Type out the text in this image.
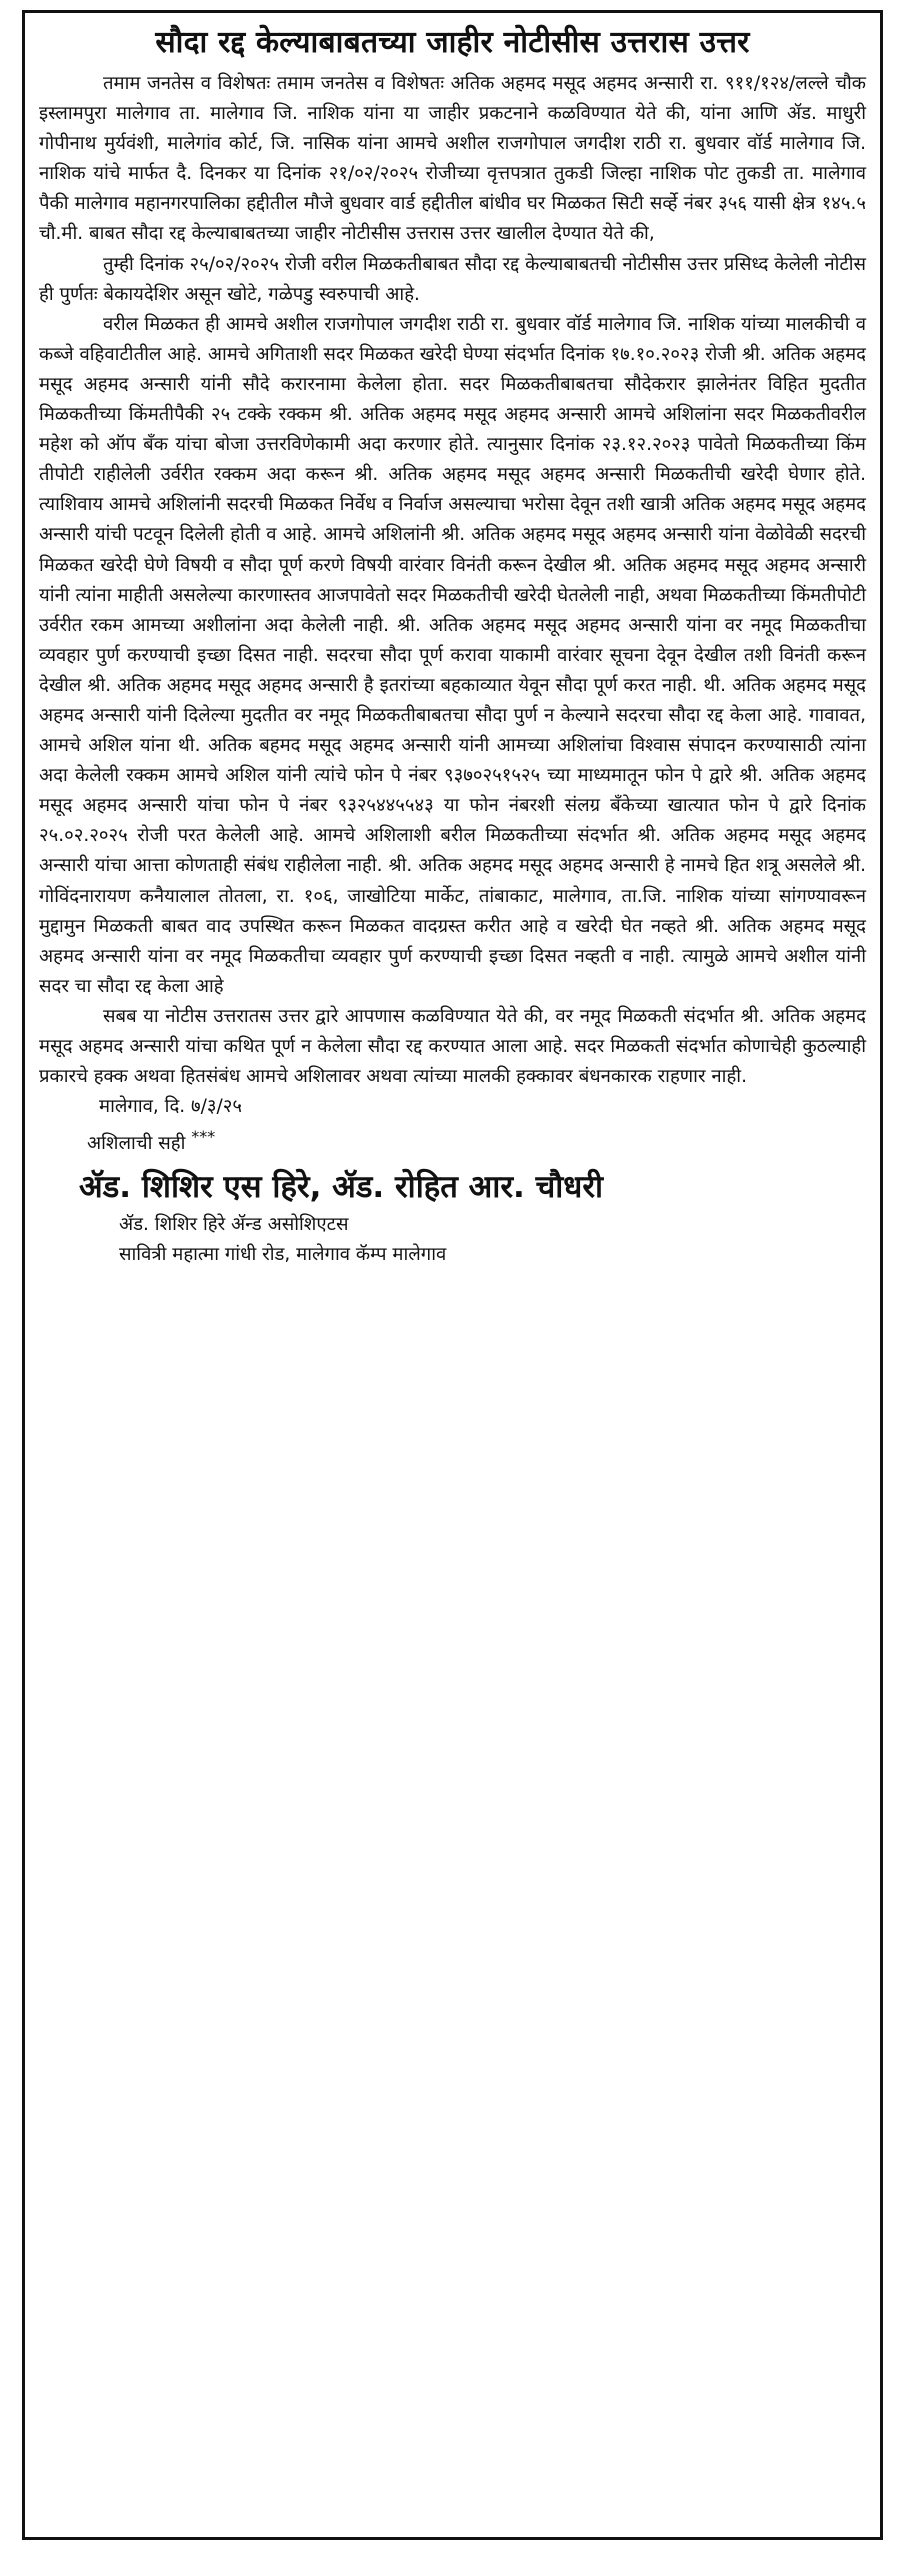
सौदा रद्द केल्याबाबतच्या जाहीर नोटीसीस उत्तरास उत्तर

तमाम जनतेस व विशेषतः तमाम जनतेस व विशेषतः अतिक अहमद मसूद अहमद अन्सारी रा. ९११/१२४/लल्ले चौक इस्लामपुरा मालेगाव ता. मालेगाव जि. नाशिक यांना या जाहीर प्रकटनाने कळविण्यात येते की, यांना आणि ॲड. माधुरी गोपीनाथ मुर्यवंशी, मालेगांव कोर्ट, जि. नासिक यांना आमचे अशील राजगोपाल जगदीश राठी रा. बुधवार वॉर्ड मालेगाव जि. नाशिक यांचे मार्फत दै. दिनकर या दिनांक २१/०२/२०२५ रोजीच्या वृत्तपत्रात तुकडी जिल्हा नाशिक पोट तुकडी ता. मालेगाव पैकी मालेगाव महानगरपालिका हद्दीतील मौजे बुधवार वार्ड हद्दीतील बांधीव घर मिळकत सिटी सर्व्हे नंबर ३५६ यासी क्षेत्र १४५.५ चौ.मी. बाबत सौदा रद्द केल्याबाबतच्या जाहीर नोटीसीस उत्तरास उत्तर खालील देण्यात येते की,

तुम्ही दिनांक २५/०२/२०२५ रोजी वरील मिळकतीबाबत सौदा रद्द केल्याबाबतची नोटीसीस उत्तर प्रसिध्द केलेली नोटीस ही पुर्णतः बेकायदेशिर असून खोटे, गळेपडु स्वरुपाची आहे.

वरील मिळकत ही आमचे अशील राजगोपाल जगदीश राठी रा. बुधवार वॉर्ड मालेगाव जि. नाशिक यांच्या मालकीची व कब्जे वहिवाटीतील आहे. आमचे अगिताशी सदर मिळकत खरेदी घेण्या संदर्भात दिनांक १७.१०.२०२३ रोजी श्री. अतिक अहमद मसूद अहमद अन्सारी यांनी सौदे करारनामा केलेला होता. सदर मिळकतीबाबतचा सौदेकरार झालेनंतर विहित मुदतीत मिळकतीच्या किंमतीपैकी २५ टक्के रक्कम श्री. अतिक अहमद मसूद अहमद अन्सारी आमचे अशिलांना सदर मिळकतीवरील महेश को ऑप बँक यांचा बोजा उत्तरविणेकामी अदा करणार होते. त्यानुसार दिनांक २३.१२.२०२३ पावेतो मिळकतीच्या किंम तीपोटी राहीलेली उर्वरीत रक्कम अदा करून श्री. अतिक अहमद मसूद अहमद अन्सारी मिळकतीची खरेदी घेणार होते. त्याशिवाय आमचे अशिलांनी सदरची मिळकत निर्वेध व निर्वाज असल्याचा भरोसा देवून तशी खात्री अतिक अहमद मसूद अहमद अन्सारी यांची पटवून दिलेली होती व आहे. आमचे अशिलांनी श्री. अतिक अहमद मसूद अहमद अन्सारी यांना वेळोवेळी सदरची मिळकत खरेदी घेणे विषयी व सौदा पूर्ण करणे विषयी वारंवार विनंती करून देखील श्री. अतिक अहमद मसूद अहमद अन्सारी यांनी त्यांना माहीती असलेल्या कारणास्तव आजपावेतो सदर मिळकतीची खरेदी घेतलेली नाही, अथवा मिळकतीच्या किंमतीपोटी उर्वरीत रकम आमच्या अशीलांना अदा केलेली नाही. श्री. अतिक अहमद मसूद अहमद अन्सारी यांना वर नमूद मिळकतीचा व्यवहार पुर्ण करण्याची इच्छा दिसत नाही. सदरचा सौदा पूर्ण करावा याकामी वारंवार सूचना देवून देखील तशी विनंती करून देखील श्री. अतिक अहमद मसूद अहमद अन्सारी है इतरांच्या बहकाव्यात येवून सौदा पूर्ण करत नाही. थी. अतिक अहमद मसूद अहमद अन्सारी यांनी दिलेल्या मुदतीत वर नमूद मिळकतीबाबतचा सौदा पुर्ण न केल्याने सदरचा सौदा रद्द केला आहे. गावावत, आमचे अशिल यांना थी. अतिक बहमद मसूद अहमद अन्सारी यांनी आमच्या अशिलांचा विश्वास संपादन करण्यासाठी त्यांना अदा केलेली रक्कम आमचे अशिल यांनी त्यांचे फोन पे नंबर ९३७०२५१५२५ च्या माध्यमातून फोन पे द्वारे श्री. अतिक अहमद मसूद अहमद अन्सारी यांचा फोन पे नंबर ९३२५४४५५४३ या फोन नंबरशी संलग्र बँकेच्या खात्यात फोन पे द्वारे दिनांक २५.०२.२०२५ रोजी परत केलेली आहे. आमचे अशिलाशी बरील मिळकतीच्या संदर्भात श्री. अतिक अहमद मसूद अहमद अन्सारी यांचा आत्ता कोणताही संबंध राहीलेला नाही. श्री. अतिक अहमद मसूद अहमद अन्सारी हे नामचे हित शत्रू असलेले श्री. गोविंदनारायण कनैयालाल तोतला, रा. १०६, जाखोटिया मार्केट, तांबाकाट, मालेगाव, ता.जि. नाशिक यांच्या सांगण्यावरून मुद्दामुन मिळकती बाबत वाद उपस्थित करून मिळकत वादग्रस्त करीत आहे व खरेदी घेत नव्हते श्री. अतिक अहमद मसूद अहमद अन्सारी यांना वर नमूद मिळकतीचा व्यवहार पुर्ण करण्याची इच्छा दिसत नव्हती व नाही. त्यामुळे आमचे अशील यांनी सदर चा सौदा रद्द केला आहे

सबब या नोटीस उत्तरातस उत्तर द्वारे आपणास कळविण्यात येते की, वर नमूद मिळकती संदर्भात श्री. अतिक अहमद मसूद अहमद अन्सारी यांचा कथित पूर्ण न केलेला सौदा रद्द करण्यात आला आहे. सदर मिळकती संदर्भात कोणाचेही कुठल्याही प्रकारचे हक्क अथवा हितसंबंध आमचे अशिलावर अथवा त्यांच्या मालकी हक्कावर बंधनकारक राहणार नाही.

मालेगाव, दि. ७/३/२५

अशिलाची सही ***

ॲड. शिशिर एस हिरे, ॲड. रोहित आर. चौधरी

ॲड. शिशिर हिरे ॲन्ड असोशिएटस

सावित्री महात्मा गांधी रोड, मालेगाव कॅम्प मालेगाव
